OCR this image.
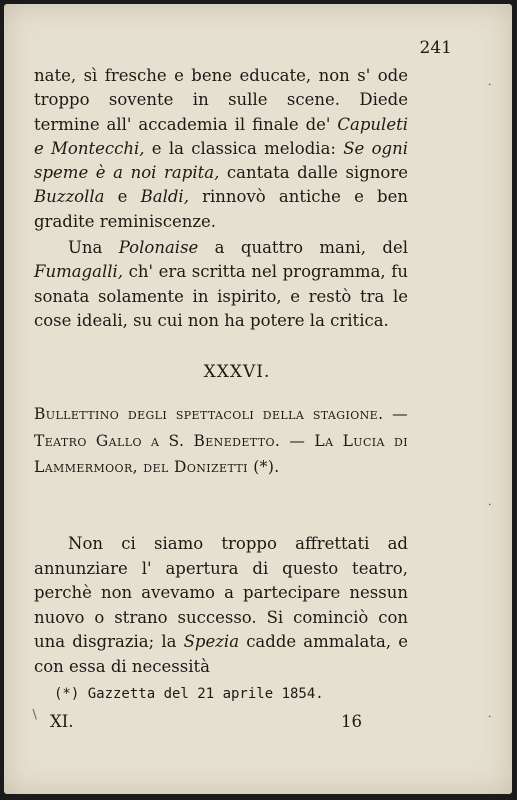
241
nate, sì fresche e bene educate, non s' ode troppo sovente in sulle scene. Diede termine all' accademia il finale de' Capuleti e Montecchi, e la classica melodia: Se ogni speme è a noi rapita, cantata dalle signore Buzzolla e Baldi, rinnovò antiche e ben gradite reminiscenze.
Una Polonaise a quattro mani, del Fumagalli, ch' era scritta nel programma, fu sonata solamente in ispirito, e restò tra le cose ideali, su cui non ha potere la critica.
XXXVI.
Bullettino degli spettacoli della stagione. — Teatro Gallo a S. Benedetto. — La Lucia di Lammermoor, del Donizetti (*).
Non ci siamo troppo affrettati ad annunziare l' apertura di questo teatro, perchè non avevamo a partecipare nessun nuovo o strano successo. Si cominciò con una disgrazia; la Spezia cadde ammalata, e con essa di necessità
(*) Gazzetta del 21 aprile 1854.
XI.	16
∖
⋅
⋅
⋅
